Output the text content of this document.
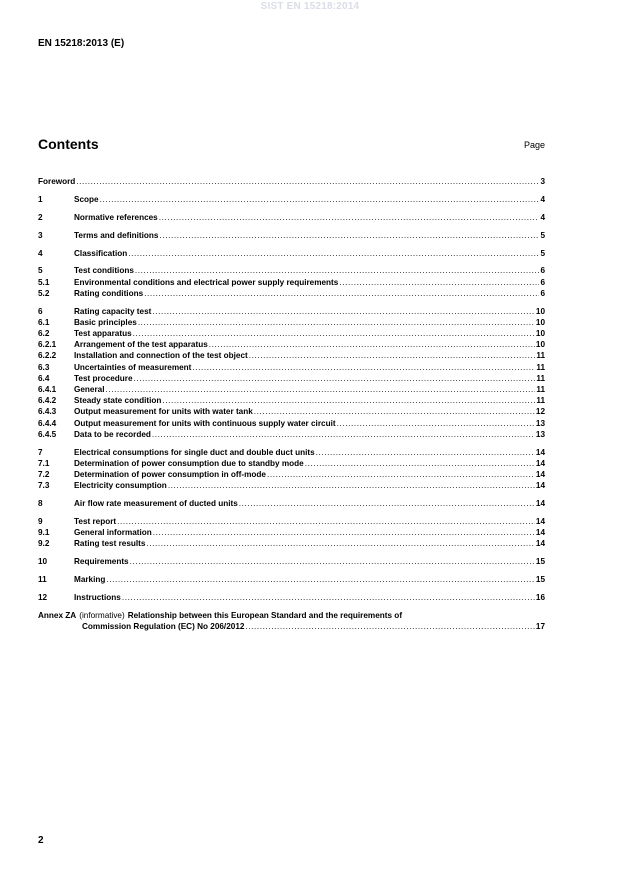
SIST EN 15218:2014
EN 15218:2013 (E)
Contents	Page
Foreword .....	3
1	Scope .....	4
2	Normative references .....	4
3	Terms and definitions .....	5
4	Classification .....	5
5	Test conditions .....	6
5.1	Environmental conditions and electrical power supply requirements .....	6
5.2	Rating conditions .....	6
6	Rating capacity test .....	10
6.1	Basic principles .....	10
6.2	Test apparatus .....	10
6.2.1	Arrangement of the test apparatus .....	10
6.2.2	Installation and connection of the test object .....	11
6.3	Uncertainties of measurement .....	11
6.4	Test procedure .....	11
6.4.1	General .....	11
6.4.2	Steady state condition .....	11
6.4.3	Output measurement for units with water tank .....	12
6.4.4	Output measurement for units with continuous supply water circuit .....	13
6.4.5	Data to be recorded .....	13
7	Electrical consumptions for single duct and double duct units .....	14
7.1	Determination of power consumption due to standby mode .....	14
7.2	Determination of power consumption in off-mode .....	14
7.3	Electricity consumption .....	14
8	Air flow rate measurement of ducted units .....	14
9	Test report .....	14
9.1	General information .....	14
9.2	Rating test results .....	14
10	Requirements .....	15
11	Marking .....	15
12	Instructions .....	16
Annex ZA (informative) Relationship between this European Standard and the requirements of
Commission Regulation (EC) No 206/2012 .....	17
2
